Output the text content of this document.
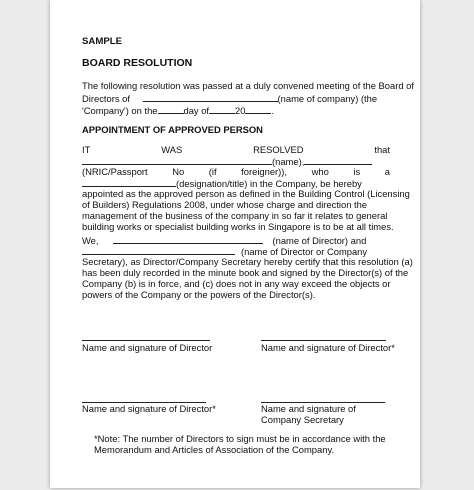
SAMPLE
BOARD RESOLUTION
The following resolution was passed at a duly convened meeting of the Board of
Directors of	(name of company) (the
'Company') on the	day of	20	.
APPOINTMENT OF APPROVED PERSON
IT	WAS	RESOLVED	that
(name),
(NRIC/Passport	No	(if	foreigner)),	who	is	a
(designation/title) in the Company, be hereby
appointed as the approved person as defined in the Building Control (Licensing
of Builders) Regulations 2008, under whose charge and direction the
management of the business of the company in so far it relates to general
building works or specialist building works in Singapore is to be at all times.
We,	(name of Director) and
(name of Director or Company
Secretary), as Director/Company Secretary hereby certify that this resolution (a)
has been duly recorded in the minute book and signed by the Director(s) of the
Company (b) is in force, and (c) does not in any way exceed the objects or
powers of the Company or the powers of the Director(s).
Name and signature of Director	Name and signature of Director*
Name and signature of Director*	Name and signature of
Company Secretary
*Note: The number of Directors to sign must be in accordance with the
Memorandum and Articles of Association of the Company.
